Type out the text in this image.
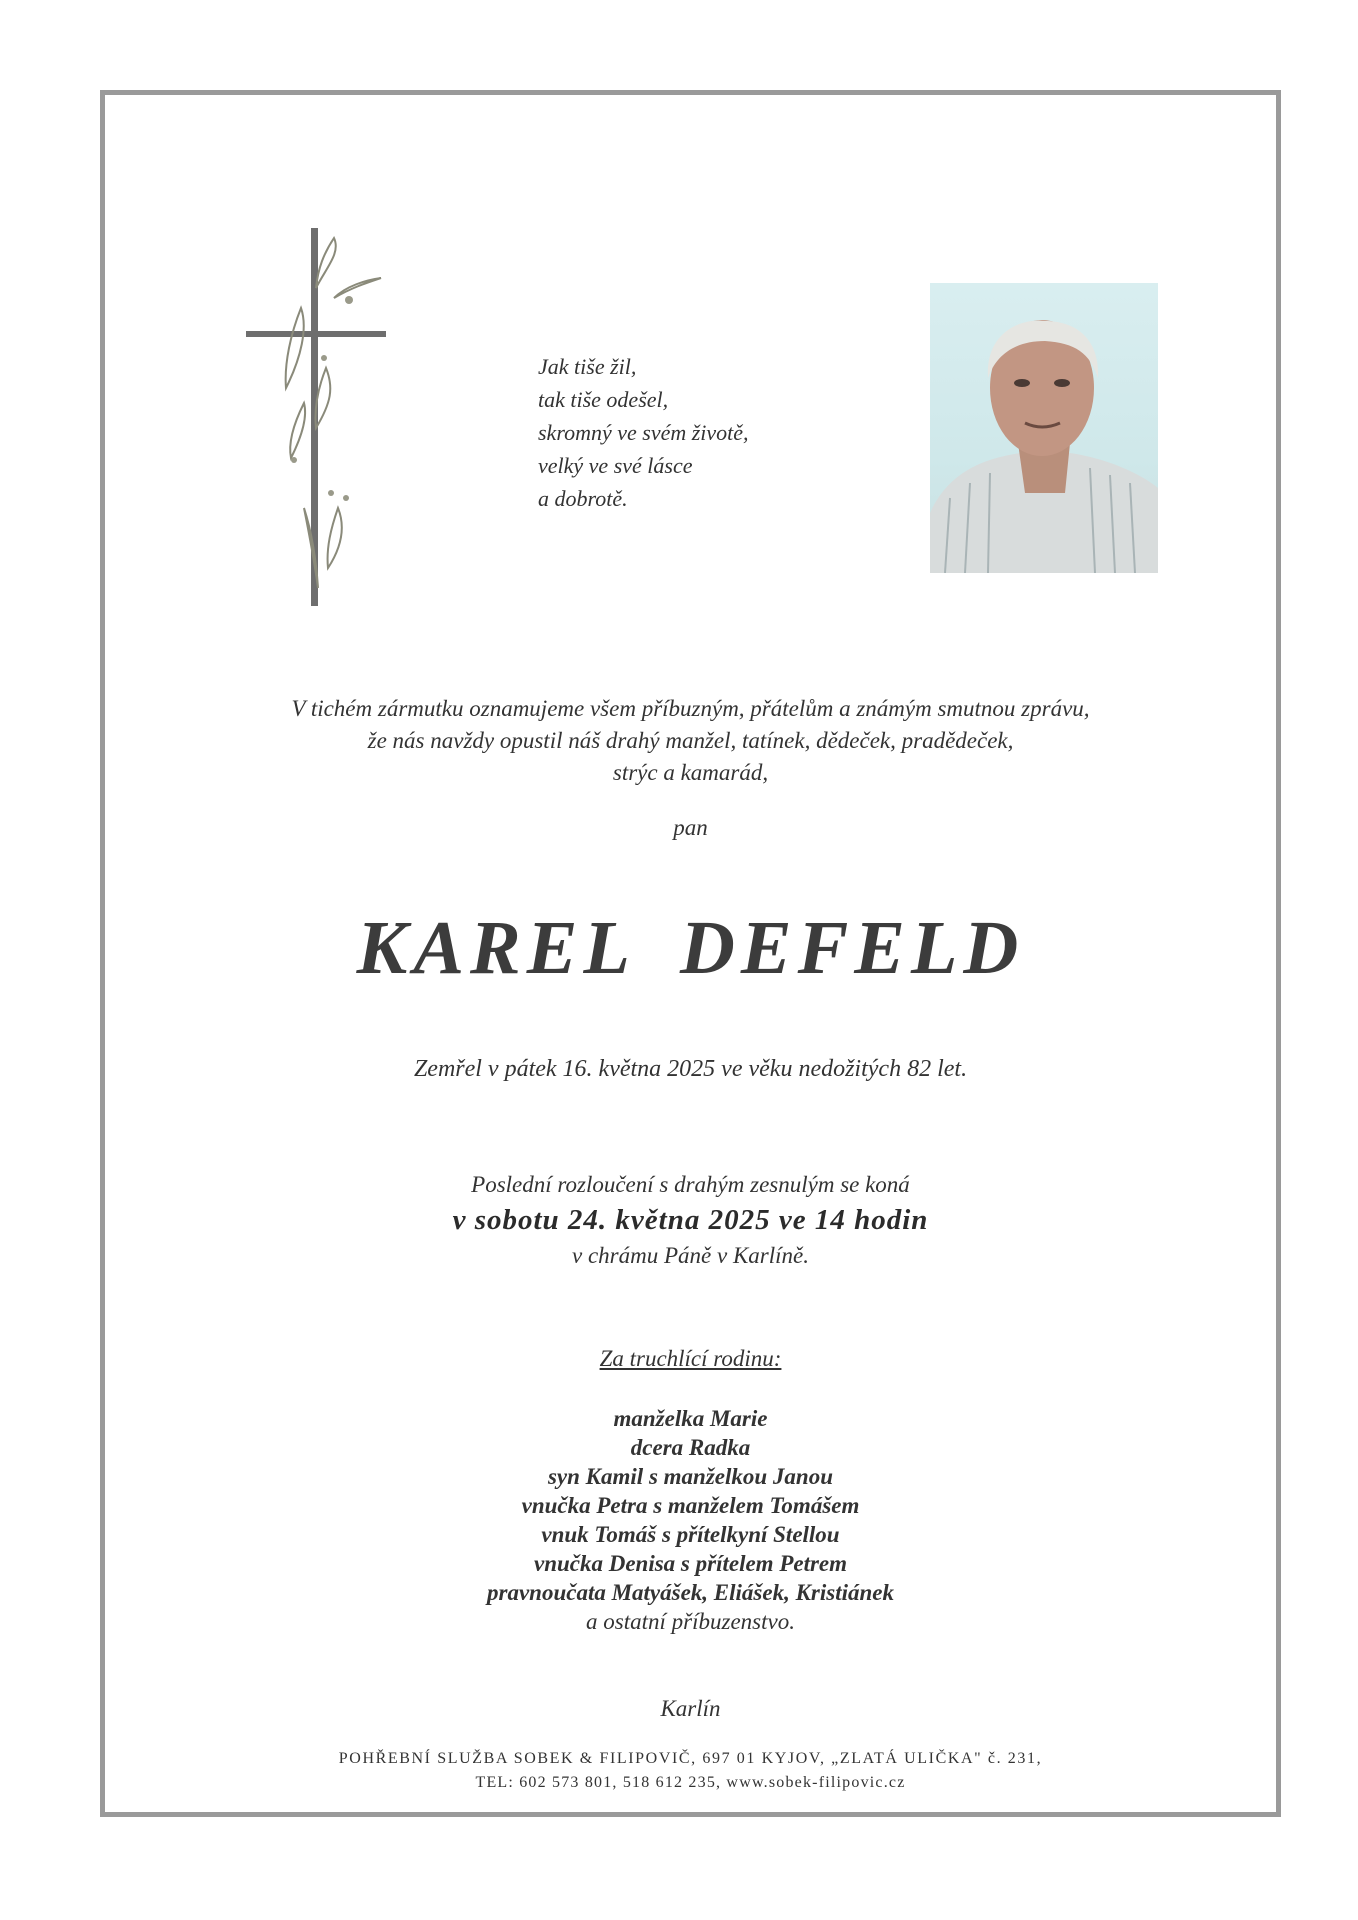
Jak tiše žil,
tak tiše odešel,
skromný ve svém životě,
velký ve své lásce
a dobrotě.
V tichém zármutku oznamujeme všem příbuzným, přátelům a známým smutnou zprávu,
že nás navždy opustil náš drahý manžel, tatínek, dědeček, pradědeček,
strýc a kamarád,
pan
KAREL DEFELD
Zemřel v pátek 16. května 2025 ve věku nedožitých 82 let.
Poslední rozloučení s drahým zesnulým se koná
v sobotu 24. května 2025 ve 14 hodin
v chrámu Páně v Karlíně.
Za truchlící rodinu:
manželka Marie
dcera Radka
syn Kamil s manželkou Janou
vnučka Petra s manželem Tomášem
vnuk Tomáš s přítelkyní Stellou
vnučka Denisa s přítelem Petrem
pravnoučata Matyášek, Eliášek, Kristiánek
a ostatní příbuzenstvo.
Karlín
POHŘEBNÍ SLUŽBA SOBEK & FILIPOVIČ, 697 01 KYJOV, „ZLATÁ ULIČKA" č. 231,
TEL: 602 573 801, 518 612 235, www.sobek-filipovic.cz
